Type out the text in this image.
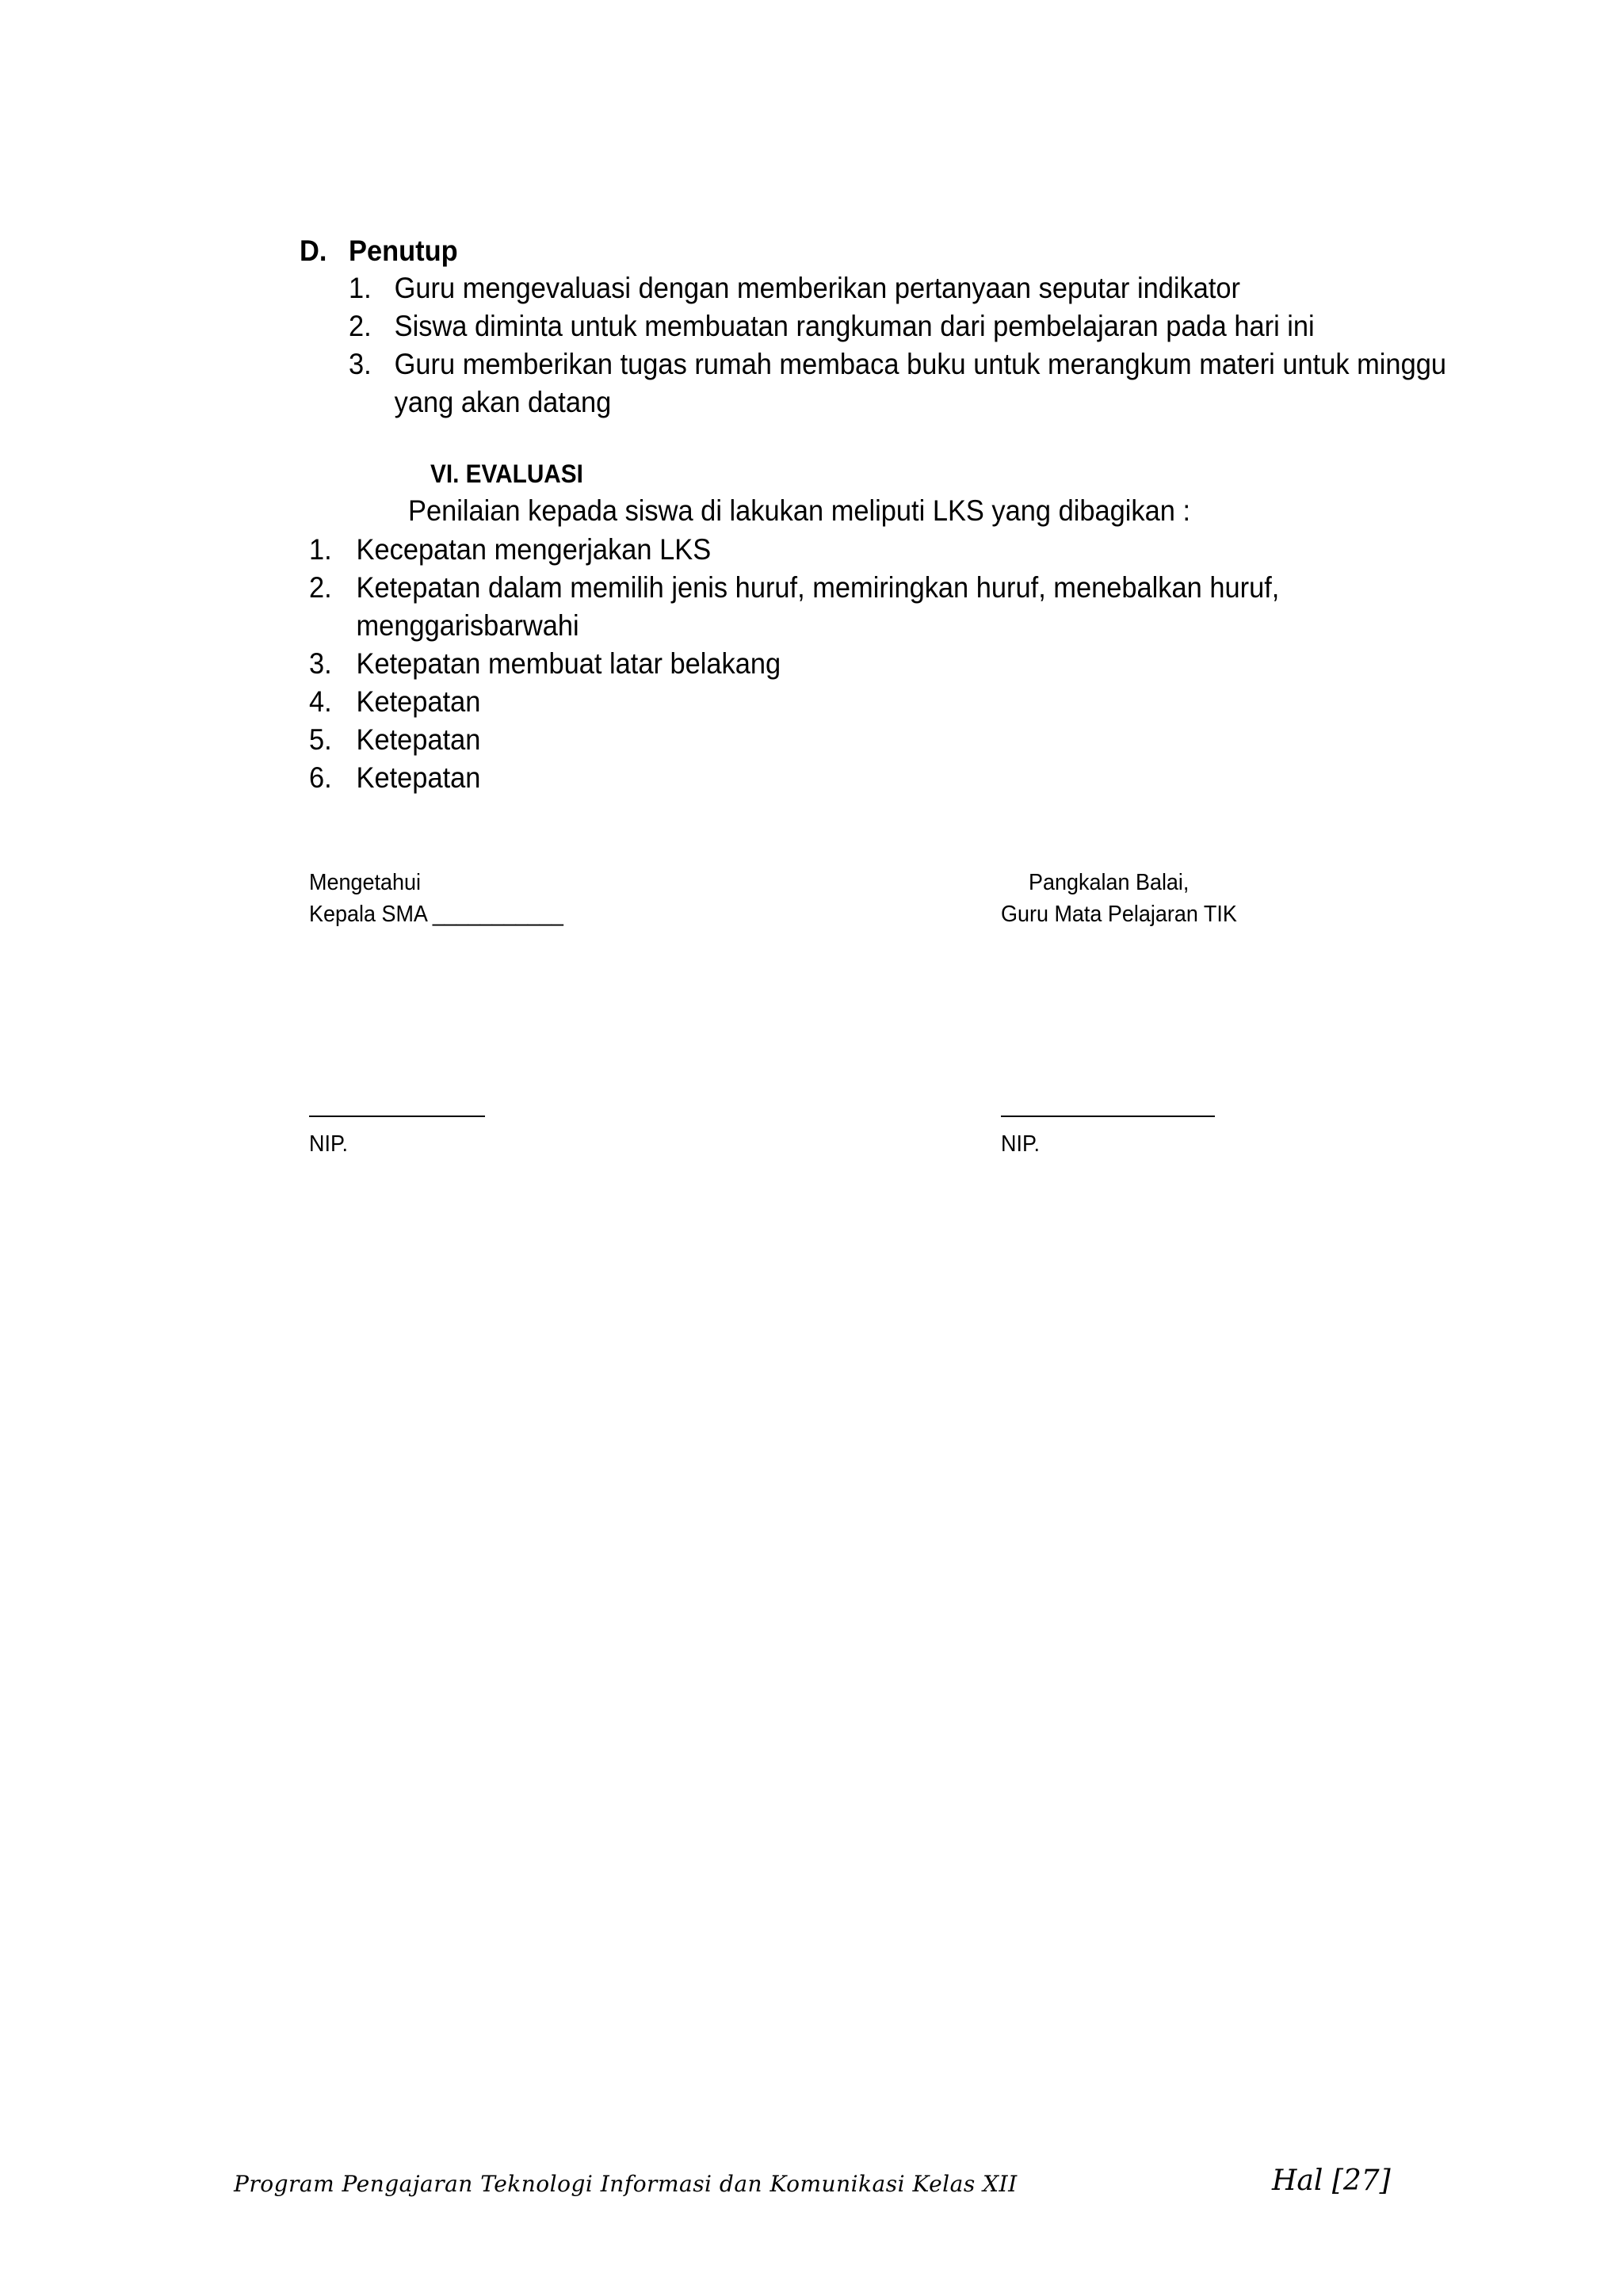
D. Penutup
1. Guru mengevaluasi dengan memberikan pertanyaan seputar indikator
2. Siswa diminta untuk membuatan rangkuman dari pembelajaran pada hari ini
3. Guru memberikan tugas rumah membaca buku untuk merangkum materi untuk minggu
yang akan datang
VI. EVALUASI
Penilaian kepada siswa di lakukan meliputi LKS yang dibagikan :
1. Kecepatan mengerjakan LKS
2. Ketepatan dalam memilih jenis huruf, memiringkan huruf, menebalkan huruf,
menggarisbarwahi
3. Ketepatan membuat latar belakang
4. Ketepatan
5. Ketepatan
6. Ketepatan
Mengetahui
Kepala SMA ___________
NIP.
Pangkalan Balai,
Guru Mata Pelajaran TIK
NIP.
Program Pengajaran Teknologi Informasi dan Komunikasi Kelas XII	Hal [27]
